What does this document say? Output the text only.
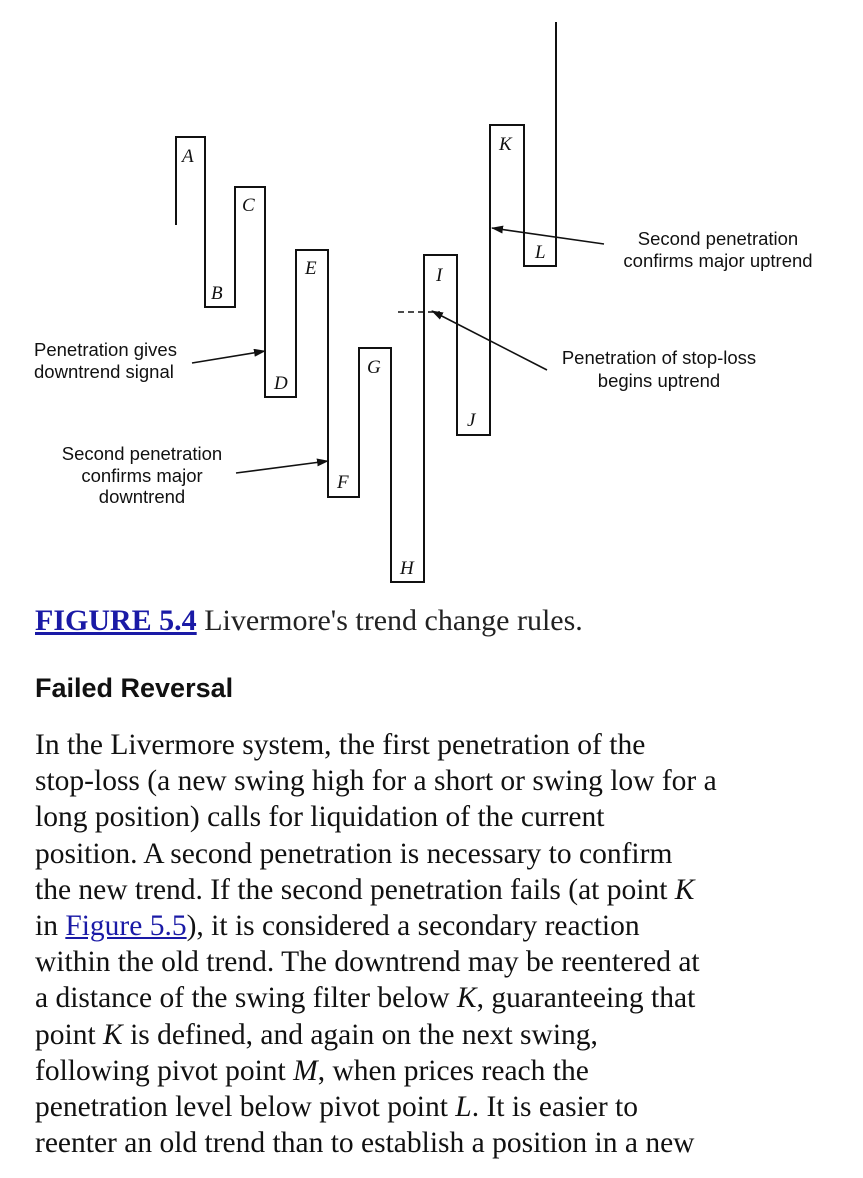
A
B
C
D
E
F
G
H
I
J
K
L
Penetration gives
downtrend signal
Second penetration
confirms major
downtrend
Second penetration
confirms major uptrend
Penetration of stop-loss
begins uptrend
FIGURE 5.4 Livermore's trend change rules.
Failed Reversal
In the Livermore system, the first penetration of the
stop-loss (a new swing high for a short or swing low for a
long position) calls for liquidation of the current
position. A second penetration is necessary to confirm
the new trend. If the second penetration fails (at point K
in Figure 5.5), it is considered a secondary reaction
within the old trend. The downtrend may be reentered at
a distance of the swing filter below K, guaranteeing that
point K is defined, and again on the next swing,
following pivot point M, when prices reach the
penetration level below pivot point L. It is easier to
reenter an old trend than to establish a position in a new
